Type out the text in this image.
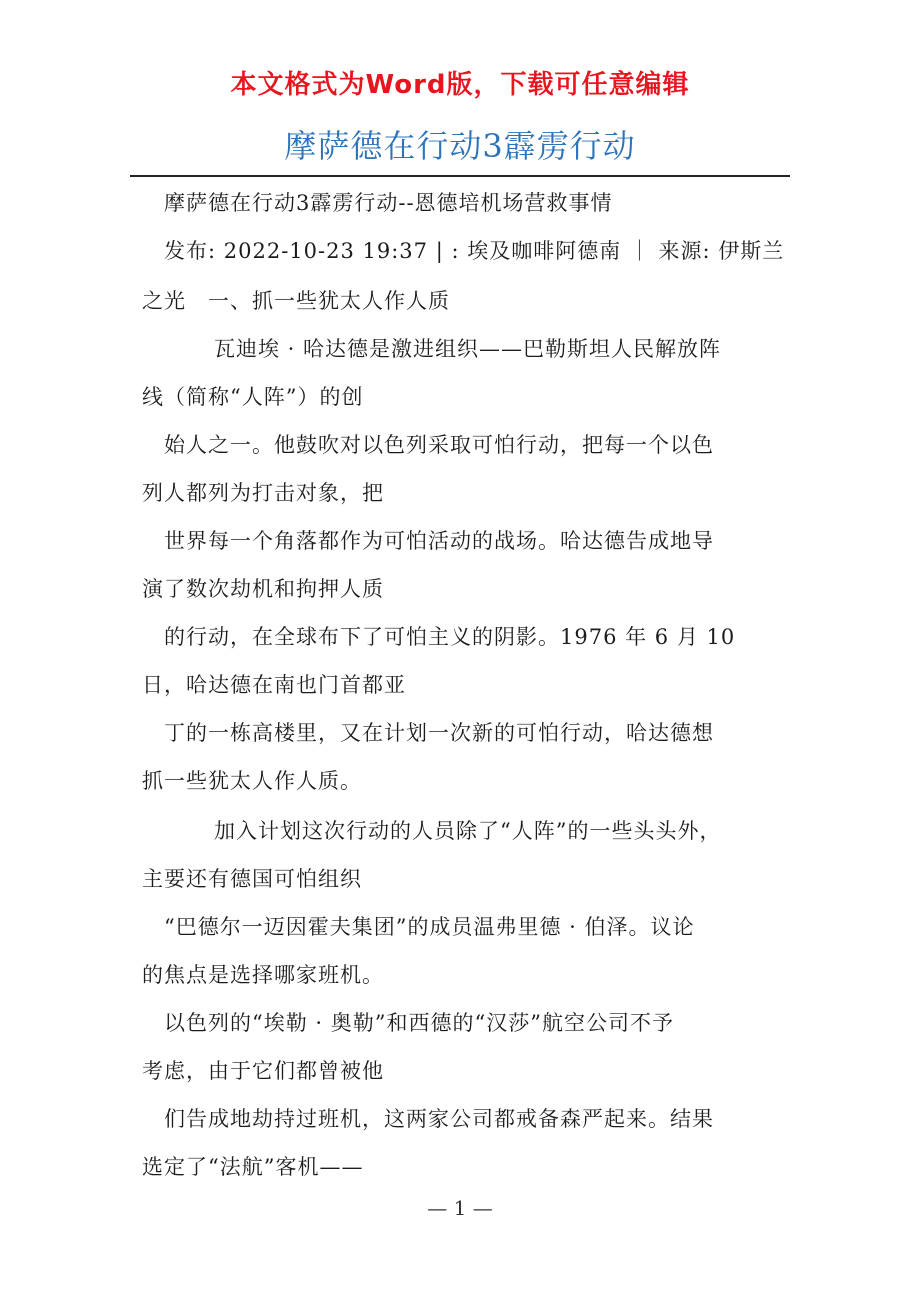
本文格式为Word版，下载可任意编辑
摩萨德在行动3霹雳行动
摩萨德在行动3霹雳行动--恩德培机场营救事情
发布: 2022-10-23 19:37 | : 埃及咖啡阿德南 ｜ 来源: 伊斯兰
之光　一、抓一些犹太人作人质
瓦迪埃 · 哈达德是激进组织——巴勒斯坦人民解放阵
线（简称“人阵”）的创
始人之一。他鼓吹对以色列采取可怕行动，把每一个以色
列人都列为打击对象，把
世界每一个角落都作为可怕活动的战场。哈达德告成地导
演了数次劫机和拘押人质
的行动，在全球布下了可怕主义的阴影。1976 年 6 月 10
日，哈达德在南也门首都亚
丁的一栋高楼里，又在计划一次新的可怕行动，哈达德想
抓一些犹太人作人质。
加入计划这次行动的人员除了“人阵”的一些头头外，
主要还有德国可怕组织
“巴德尔一迈因霍夫集团”的成员温弗里德 · 伯泽。议论
的焦点是选择哪家班机。
以色列的“埃勒 · 奥勒”和西德的“汉莎”航空公司不予
考虑，由于它们都曾被他
们告成地劫持过班机，这两家公司都戒备森严起来。结果
选定了“法航”客机——
— 1 —
